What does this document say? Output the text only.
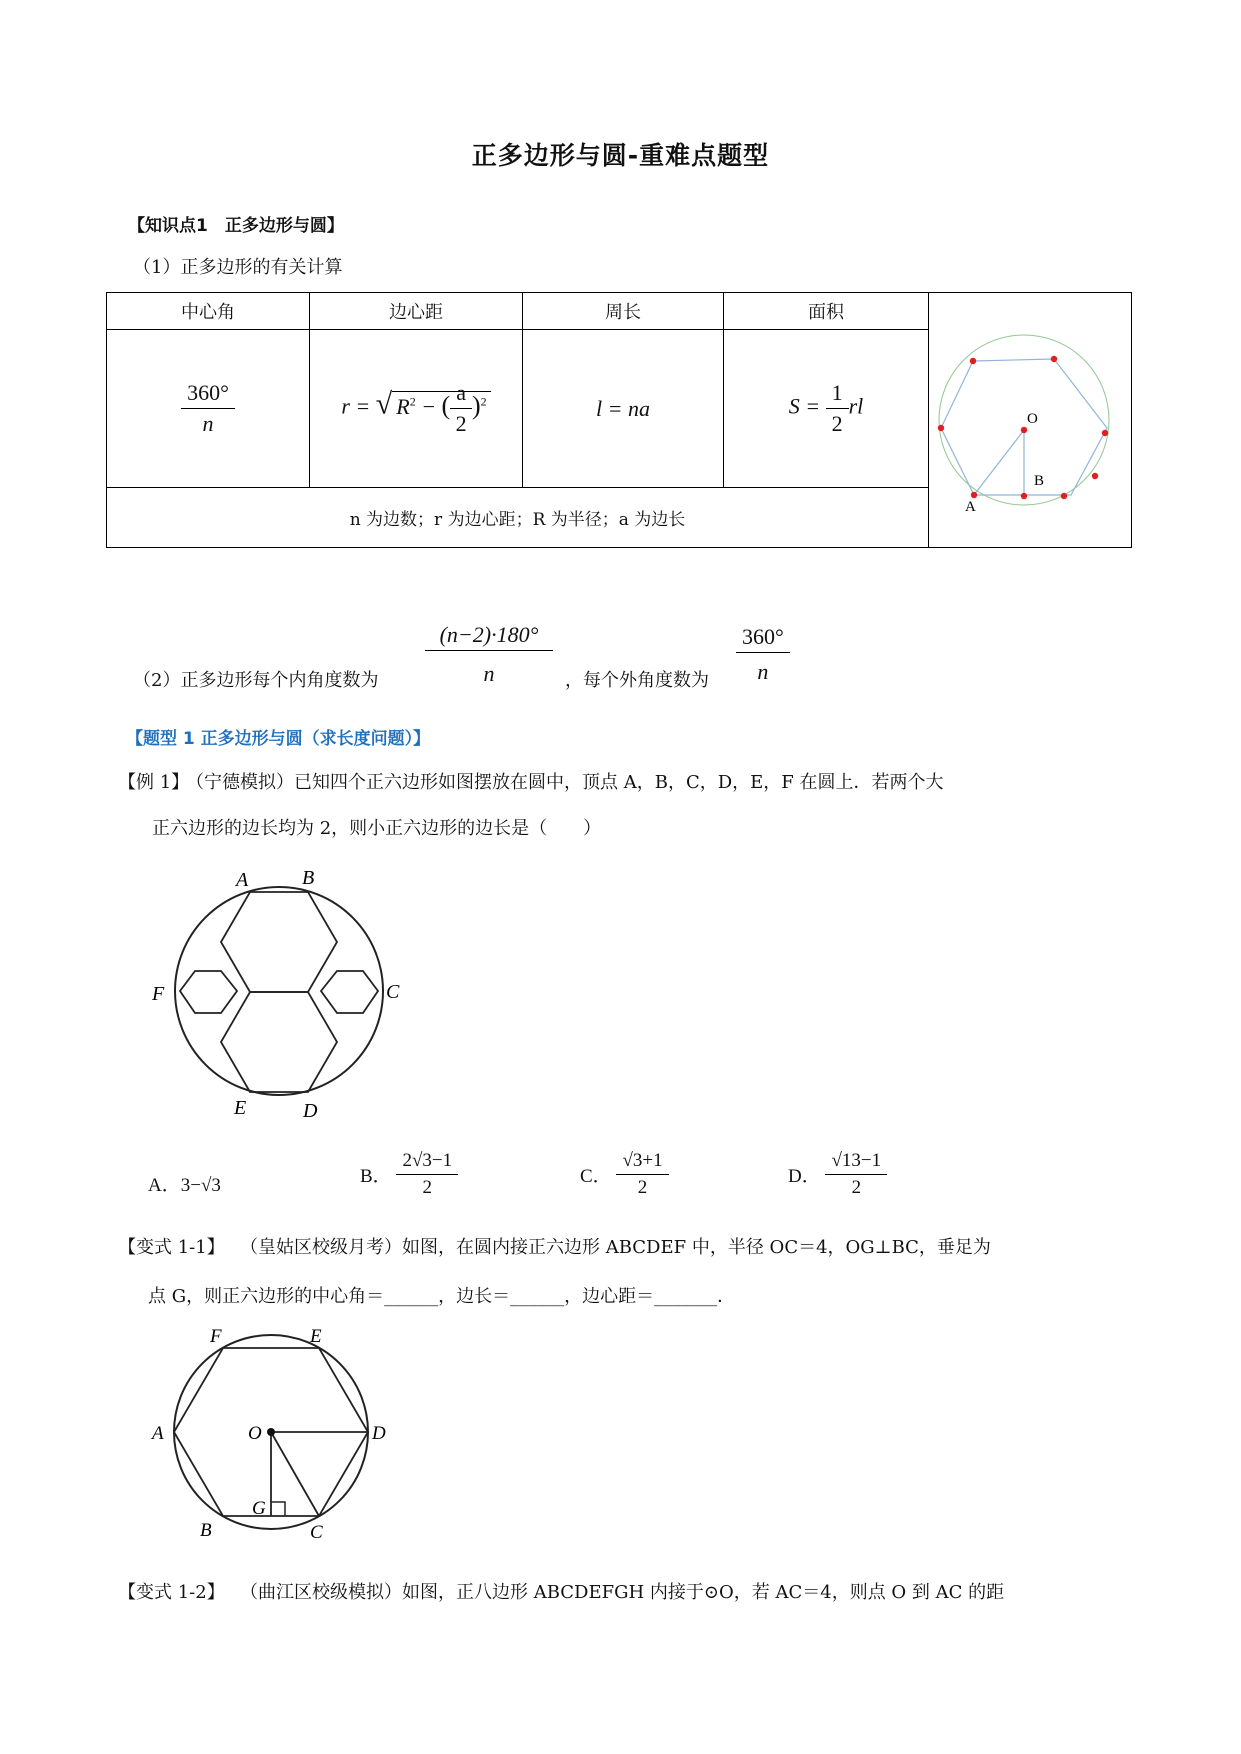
正多边形与圆-重难点题型
【知识点1　正多边形与圆】
（1）正多边形的有关计算
中心角	边心距	周长	面积	O
B
A

$\frac{360^\circ}{n}$	r = √ $R^2$ − ( $\frac{a}{2} )^2$	l = na	$S = \frac{1}{2}$ rl	
n 为边数；r 为边心距；R 为半径；a 为边长				
（2）正多边形每个内角度数为 $\frac{(n-2)\cdot 180^\circ}{n}$ ，每个外角度数为 $\frac{360^\circ}{n}$
【题型 1 正多边形与圆（求长度问题）】
【例 1】
（宁德模拟）已知四个正六边形如图摆放在圆中，顶点 A，B，C，D，E，F 在圆上．若两个大
正六边形的边长均为 2，则小正六边形的边长是（　　）
A	B
C
D
E
F
A．3−√3	B． $\frac{2√3-1}{2}$	C． $\frac{√3+1}{2}$	D． $\frac{√13-1}{2}$
【变式 1-1】 （皇姑区校级月考）如图，在圆内接正六边形 ABCDEF 中，半径 OC＝4，OG⊥BC，垂足为
点 G，则正六边形的中心角＝______，边长＝______，边心距＝_______．
F	E
A	O	D
G
B	C
【变式 1-2】 （曲江区校级模拟）如图，正八边形 ABCDEFGH 内接于⊙O，若 AC＝4，则点 O 到 AC 的距
